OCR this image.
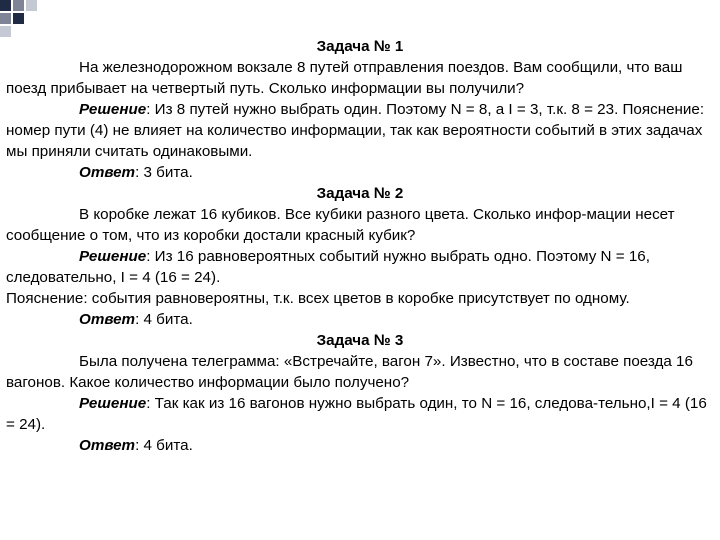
Задача № 1

На железнодорожном вокзале 8 путей отправления поездов. Вам сообщили, что ваш поезд прибывает на четвертый путь. Сколько информации вы получили?

Решение: Из 8 путей нужно выбрать один. Поэтому N = 8, а I = 3, т.к. 8 = 23. Пояснение: номер пути (4) не влияет на количество информации, так как вероятности событий в этих задачах мы приняли считать одинаковыми.

Ответ: 3 бита.

Задача № 2

В коробке лежат 16 кубиков. Все кубики разного цвета. Сколько инфор-мации несет сообщение о том, что из коробки достали красный кубик?

Решение: Из 16 равновероятных событий нужно выбрать одно. Поэтому N = 16, следовательно, I = 4 (16 = 24).

Пояснение: события равновероятны, т.к. всех цветов в коробке присутствует по одному.

Ответ: 4 бита.

Задача № 3

Была получена телеграмма: «Встречайте, вагон 7». Известно, что в составе поезда 16 вагонов. Какое количество информации было получено?

Решение: Так как из 16 вагонов нужно выбрать один, то N = 16, следова-тельно,I = 4 (16 = 24).

Ответ: 4 бита.
